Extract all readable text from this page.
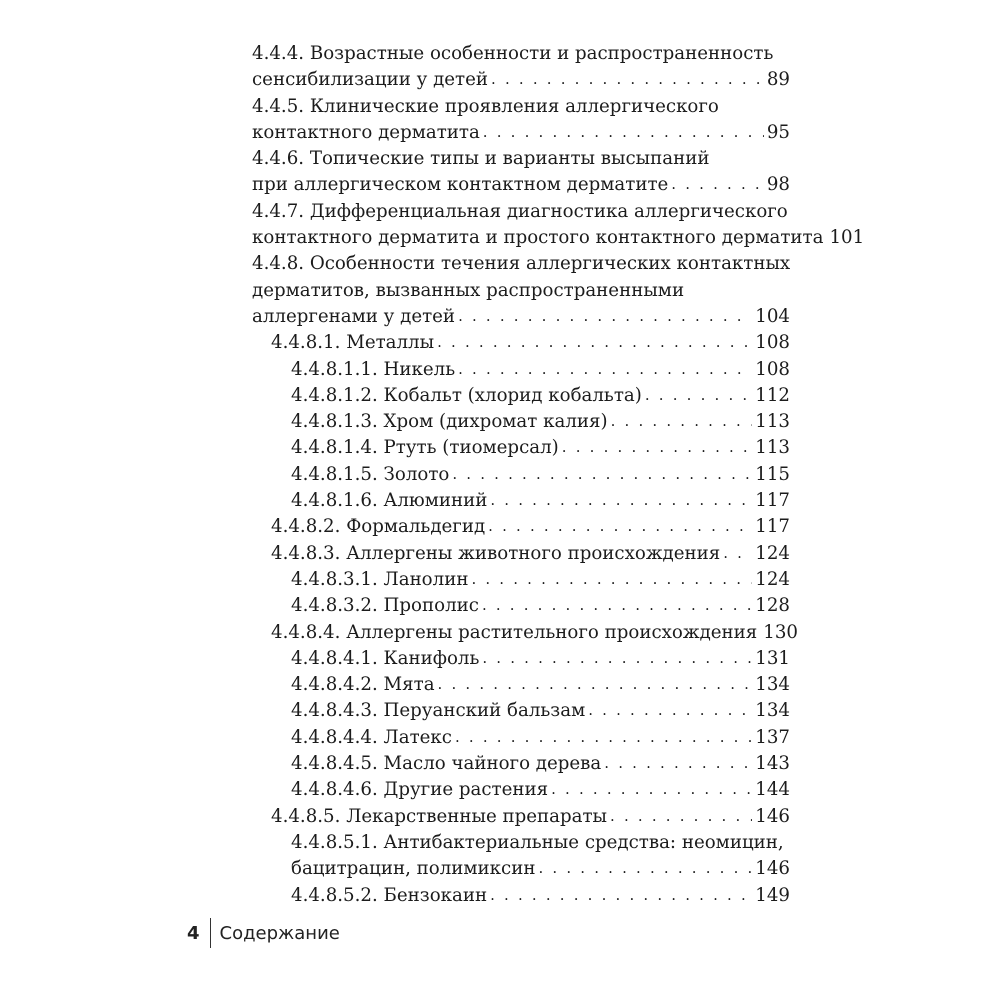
4.4.4. Возрастные особенности и распространенность
сенсибилизации у детей . . .	89
4.4.5. Клинические проявления аллергического
контактного дерматита . . .	95
4.4.6. Топические типы и варианты высыпаний
при аллергическом контактном дерматите . . .	98
4.4.7. Дифференциальная диагностика аллергического
контактного дерматита и простого контактного дерматита 101
4.4.8. Особенности течения аллергических контактных
дерматитов, вызванных распространенными
аллергенами у детей . . .	104
4.4.8.1. Металлы . . .	108
4.4.8.1.1. Никель . . .	108
4.4.8.1.2. Кобальт (хлорид кобальта) . . .	112
4.4.8.1.3. Хром (дихромат калия) . . .	113
4.4.8.1.4. Ртуть (тиомерсал) . . .	113
4.4.8.1.5. Золото . . .	115
4.4.8.1.6. Алюминий . . .	117
4.4.8.2. Формальдегид . . .	117
4.4.8.3. Аллергены животного происхождения . . . 124
4.4.8.3.1. Ланолин . . .	124
4.4.8.3.2. Прополис . . .	128
4.4.8.4. Аллергены растительного происхождения 130
4.4.8.4.1. Канифоль . . .	131
4.4.8.4.2. Мята . . .	134
4.4.8.4.3. Перуанский бальзам . . .	134
4.4.8.4.4. Латекс . . .	137
4.4.8.4.5. Масло чайного дерева . . .	143
4.4.8.4.6. Другие растения . . .	144
4.4.8.5. Лекарственные препараты . . .	146
4.4.8.5.1. Антибактериальные средства: неомицин,
бацитрацин, полимиксин . . .	146
4.4.8.5.2. Бензокаин . . .	149
4 Содержание
